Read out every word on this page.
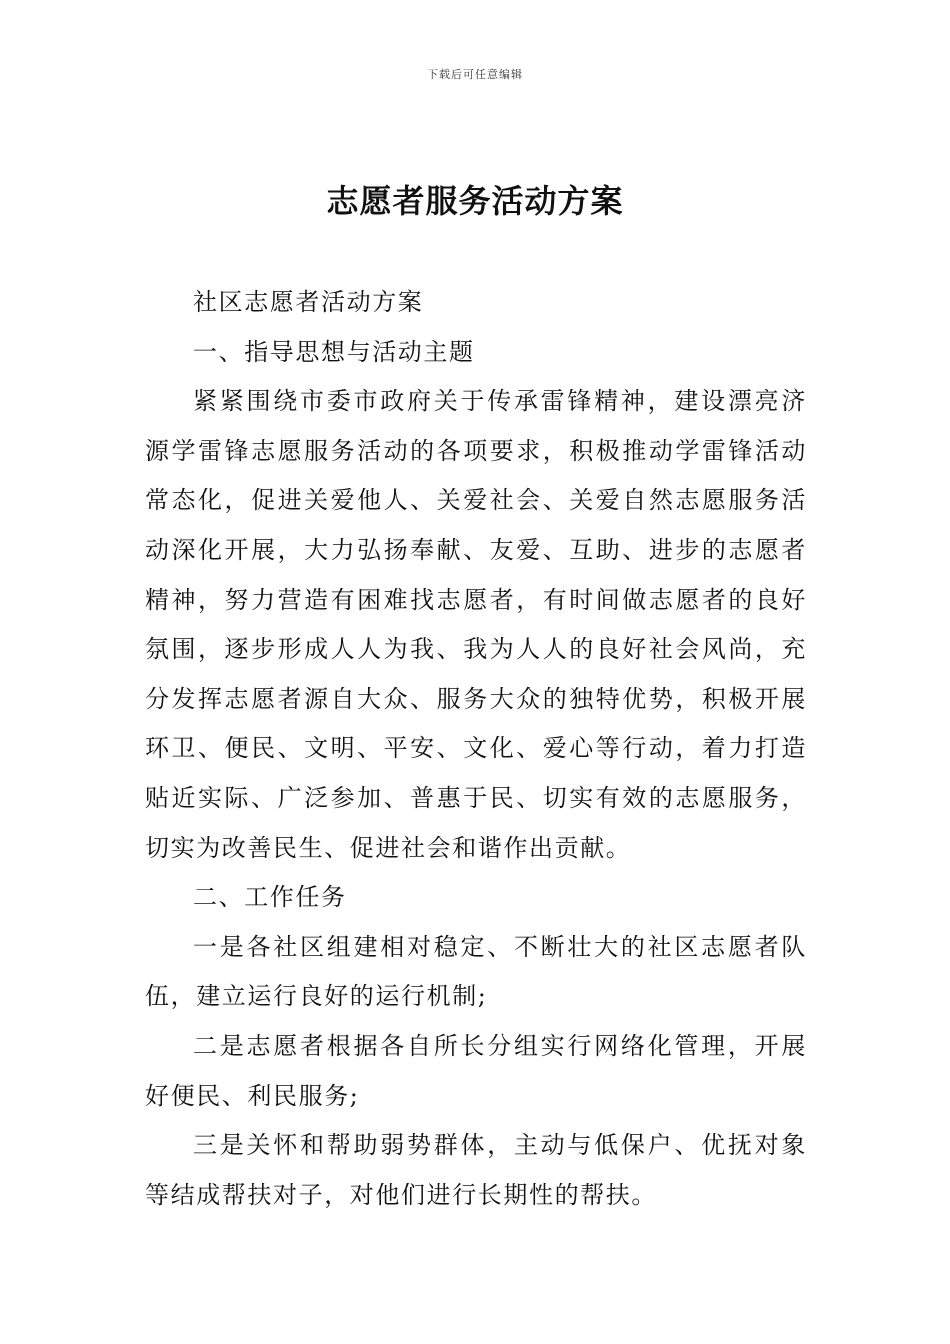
下载后可任意编辑
志愿者服务活动方案

社区志愿者活动方案

一、指导思想与活动主题

紧紧围绕市委市政府关于传承雷锋精神，建设漂亮济源学雷锋志愿服务活动的各项要求，积极推动学雷锋活动常态化，促进关爱他人、关爱社会、关爱自然志愿服务活动深化开展，大力弘扬奉献、友爱、互助、进步的志愿者精神，努力营造有困难找志愿者，有时间做志愿者的良好氛围，逐步形成人人为我、我为人人的良好社会风尚，充分发挥志愿者源自大众、服务大众的独特优势，积极开展环卫、便民、文明、平安、文化、爱心等行动，着力打造贴近实际、广泛参加、普惠于民、切实有效的志愿服务，切实为改善民生、促进社会和谐作出贡献。

二、工作任务

一是各社区组建相对稳定、不断壮大的社区志愿者队伍，建立运行良好的运行机制;

二是志愿者根据各自所长分组实行网络化管理，开展好便民、利民服务;

三是关怀和帮助弱势群体，主动与低保户、优抚对象等结成帮扶对子，对他们进行长期性的帮扶。
